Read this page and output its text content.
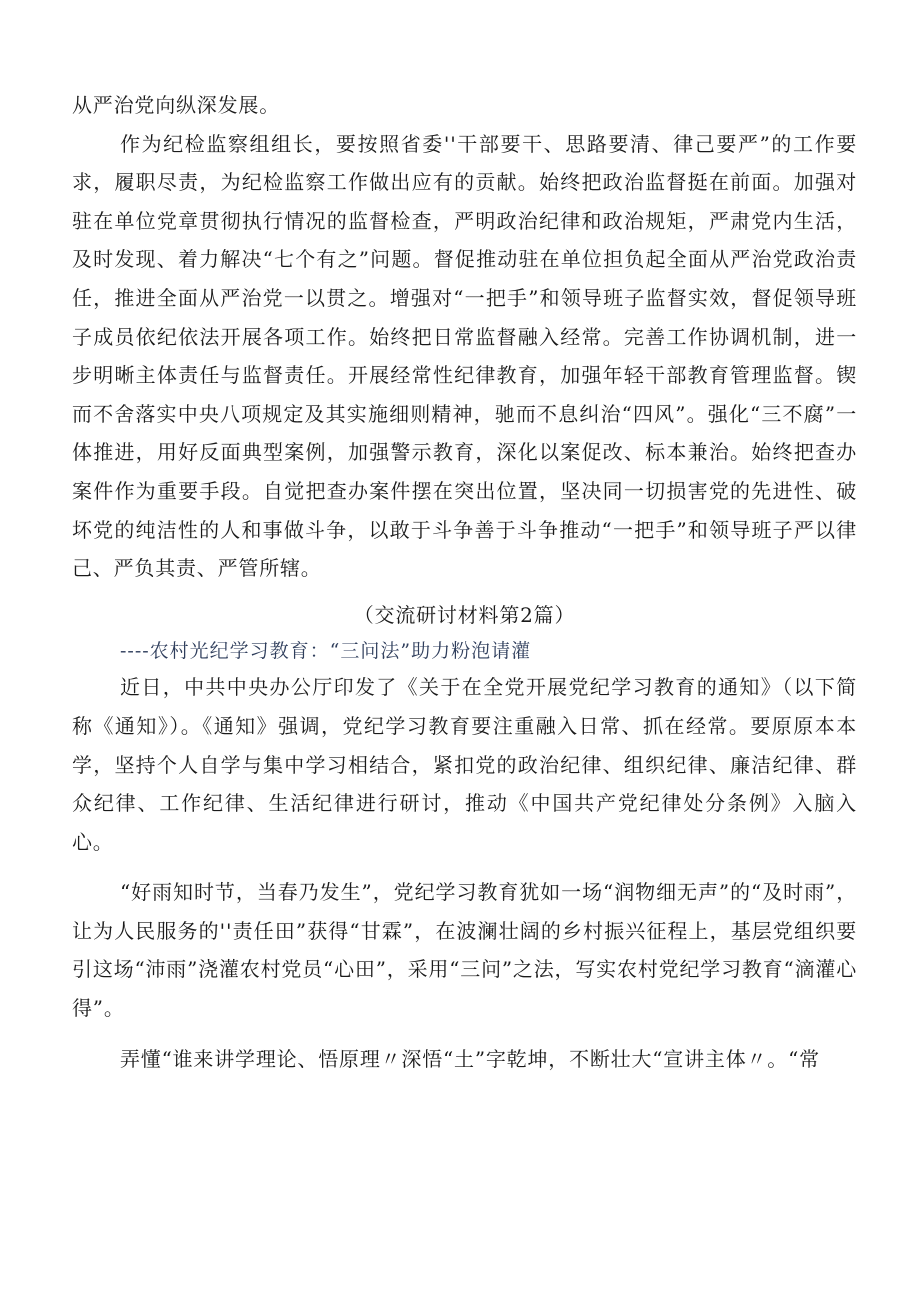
从严治党向纵深发展。

作为纪检监察组组长，要按照省委''干部要干、思路要清、律己要严”的工作要求，履职尽责，为纪检监察工作做出应有的贡献。始终把政治监督挺在前面。加强对驻在单位党章贯彻执行情况的监督检查，严明政治纪律和政治规矩，严肃党内生活，及时发现、着力解决“七个有之”问题。督促推动驻在单位担负起全面从严治党政治责任，推进全面从严治党一以贯之。增强对“一把手”和领导班子监督实效，督促领导班子成员依纪依法开展各项工作。始终把日常监督融入经常。完善工作协调机制，进一步明晰主体责任与监督责任。开展经常性纪律教育，加强年轻干部教育管理监督。锲而不舍落实中央八项规定及其实施细则精神，驰而不息纠治“四风”。强化“三不腐”一体推进，用好反面典型案例，加强警示教育，深化以案促改、标本兼治。始终把查办案件作为重要手段。自觉把查办案件摆在突出位置，坚决同一切损害党的先进性、破坏党的纯洁性的人和事做斗争，以敢于斗争善于斗争推动“一把手”和领导班子严以律己、严负其责、严管所辖。

（交流研讨材料第2篇）

----农村光纪学习教育：“三问法”助力粉泡请灌

近日，中共中央办公厅印发了《关于在全党开展党纪学习教育的通知》（以下简称《通知》）。《通知》强调，党纪学习教育要注重融入日常、抓在经常。要原原本本学，坚持个人自学与集中学习相结合，紧扣党的政治纪律、组织纪律、廉洁纪律、群众纪律、工作纪律、生活纪律进行研讨，推动《中国共产党纪律处分条例》入脑入心。

“好雨知时节，当春乃发生”，党纪学习教育犹如一场“润物细无声”的“及时雨”，让为人民服务的''责任田”获得“甘霖”，在波澜壮阔的乡村振兴征程上，基层党组织要引这场“沛雨”浇灌农村党员“心田”，采用“三问”之法，写实农村党纪学习教育“滴灌心得”。

弄懂“谁来讲学理论、悟原理〃深悟“土”字乾坤，不断壮大“宣讲主体〃。“常
